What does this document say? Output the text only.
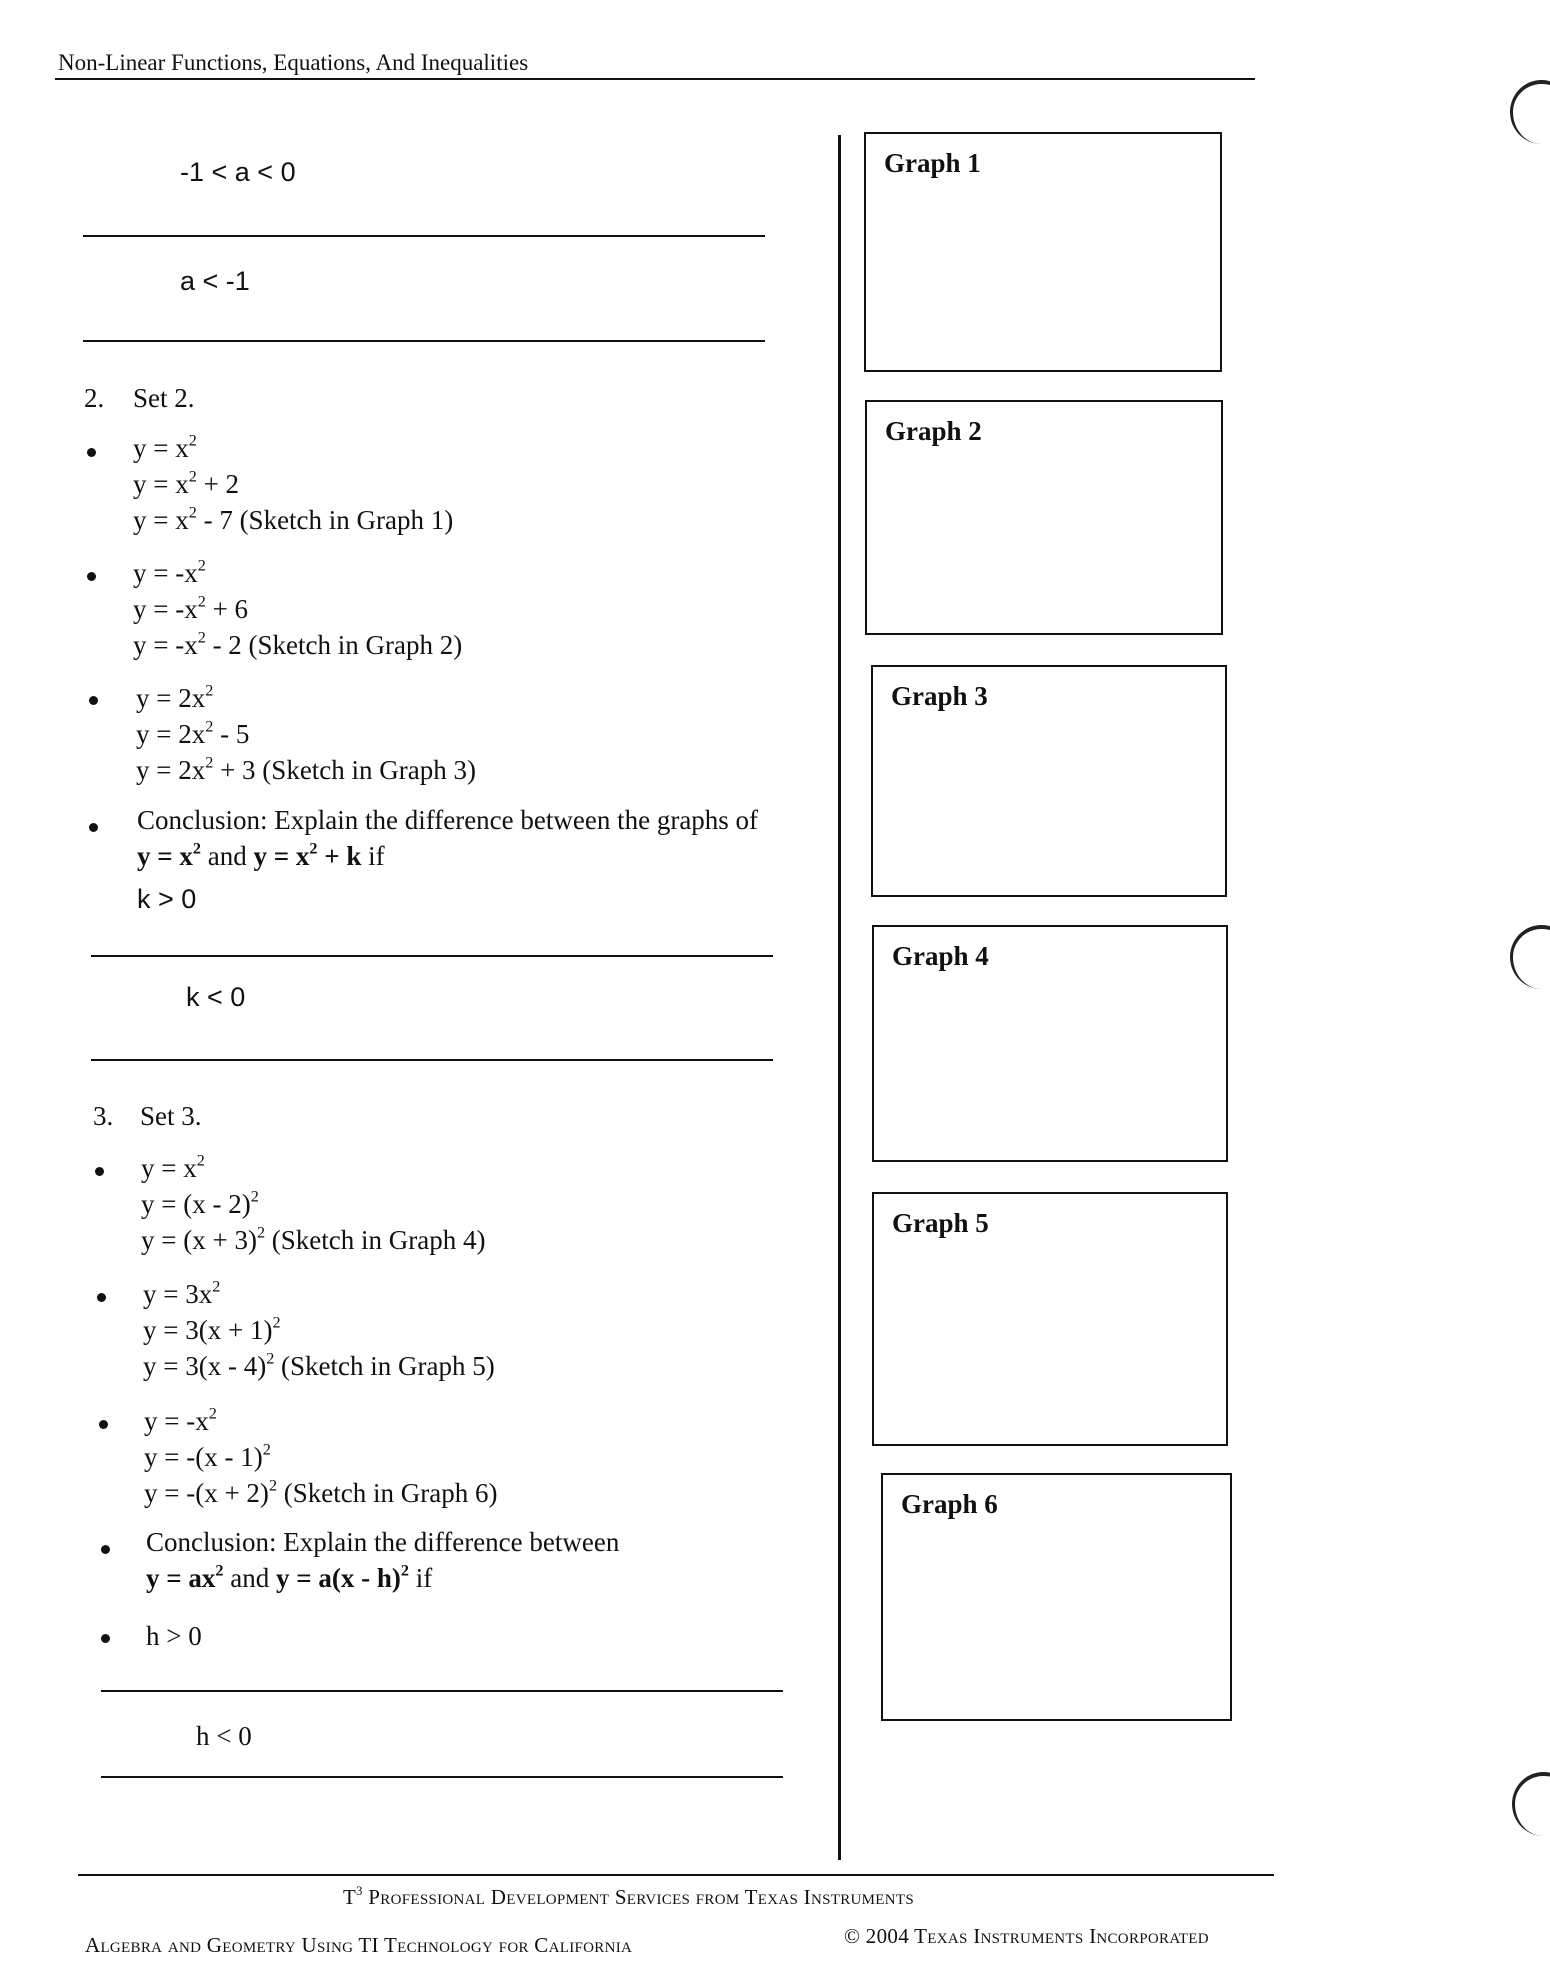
Non-Linear Functions, Equations, And Inequalities
-1 < a < 0
a < -1
2. Set 2.
$y = x^2$
$y = x^2 + 2$
$y = x^2 - 7$ (Sketch in Graph 1)
$y = -x^2$
$y = -x^2 + 6$
$y = -x^2 - 2$ (Sketch in Graph 2)
$y = 2x^2$
$y = 2x^2 - 5$
$y = 2x^2 + 3$ (Sketch in Graph 3)
Conclusion: Explain the difference between the graphs of
$y = x^2$ and $y = x^2 + k$ if
k > 0
k < 0
3. Set 3.
$y = x^2$
y = (x - 2)$^2$
$y = (x + 3)^2$ (Sketch in Graph 4)
$y = 3x^2$
$y = 3(x + 1)^2$
y = 3(x - 4)$^2$ (Sketch in Graph 5)
$y = -x^2$
y = -(x - 1)$^2$
$y = -(x + 2)^2$ (Sketch in Graph 6)
Conclusion: Explain the difference between
$y = ax^2$ and y = a(x - h)$^2$ if
h > 0
h < 0
Graph 1
Graph 2
Graph 3
Graph 4
Graph 5
Graph 6
$T^3$ Professional Development Services from Texas Instruments
Algebra and Geometry Using TI Technology for California	© 2004 Texas Instruments Incorporated
